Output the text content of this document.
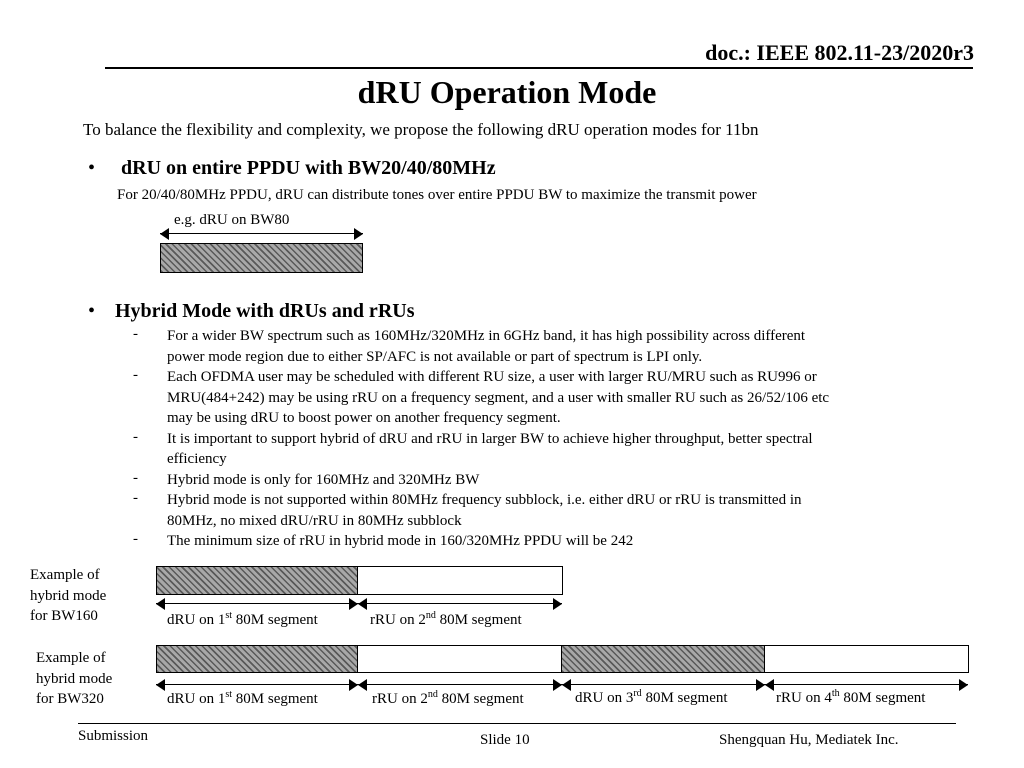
doc.: IEEE 802.11-23/2020r3
dRU Operation Mode
To balance the flexibility and complexity, we propose the following dRU operation modes for 11bn
• dRU on entire PPDU with BW20/40/80MHz
For 20/40/80MHz PPDU, dRU can distribute tones over entire PPDU BW to maximize the transmit power
e.g. dRU on BW80
• Hybrid Mode with dRUs and rRUs
- For a wider BW spectrum such as 160MHz/320MHz in 6GHz band, it has high possibility across different
power mode region due to either SP/AFC is not available or part of spectrum is LPI only.
- Each OFDMA user may be scheduled with different RU size, a user with larger RU/MRU such as RU996 or
MRU(484+242) may be using rRU on a frequency segment, and a user with smaller RU such as 26/52/106 etc
may be using dRU to boost power on another frequency segment.
- It is important to support hybrid of dRU and rRU in larger BW to achieve higher throughput, better spectral
efficiency
- Hybrid mode is only for 160MHz and 320MHz BW
- Hybrid mode is not supported within 80MHz frequency subblock, i.e. either dRU or rRU is transmitted in
80MHz, no mixed dRU/rRU in 80MHz subblock
- The minimum size of rRU in hybrid mode in 160/320MHz PPDU will be 242
Example of
hybrid mode
for BW160	dRU on 1st 80M segment	rRU on 2nd 80M segment
Example of
hybrid mode
for BW320	dRU on 1st 80M segment	rRU on 2nd 80M segment	dRU on 3rd 80M segment	rRU on 4th 80M segment
Submission	Slide 10	Shengquan Hu, Mediatek Inc.
